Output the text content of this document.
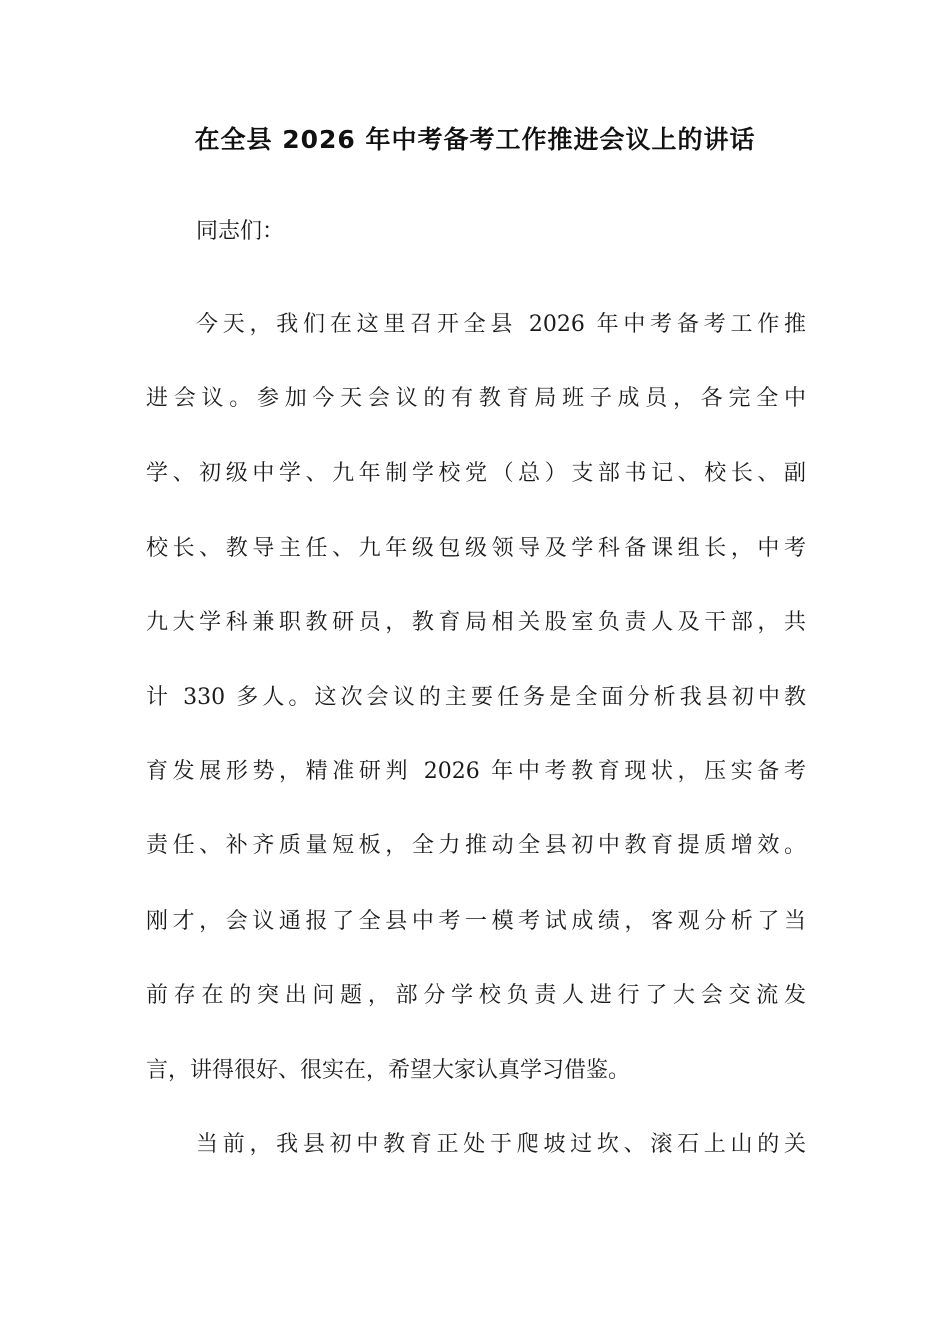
在全县 2026 年中考备考工作推进会议上的讲话

同志们：

今天，我们在这里召开全县 2026 年中考备考工作推

进会议。参加今天会议的有教育局班子成员，各完全中

学、初级中学、九年制学校党（总）支部书记、校长、副

校长、教导主任、九年级包级领导及学科备课组长，中考

九大学科兼职教研员，教育局相关股室负责人及干部，共

计 330 多人。这次会议的主要任务是全面分析我县初中教

育发展形势，精准研判 2026 年中考教育现状，压实备考

责任、补齐质量短板，全力推动全县初中教育提质增效。

刚才，会议通报了全县中考一模考试成绩，客观分析了当

前存在的突出问题，部分学校负责人进行了大会交流发

言，讲得很好、很实在，希望大家认真学习借鉴。

当前，我县初中教育正处于爬坡过坎、滚石上山的关
